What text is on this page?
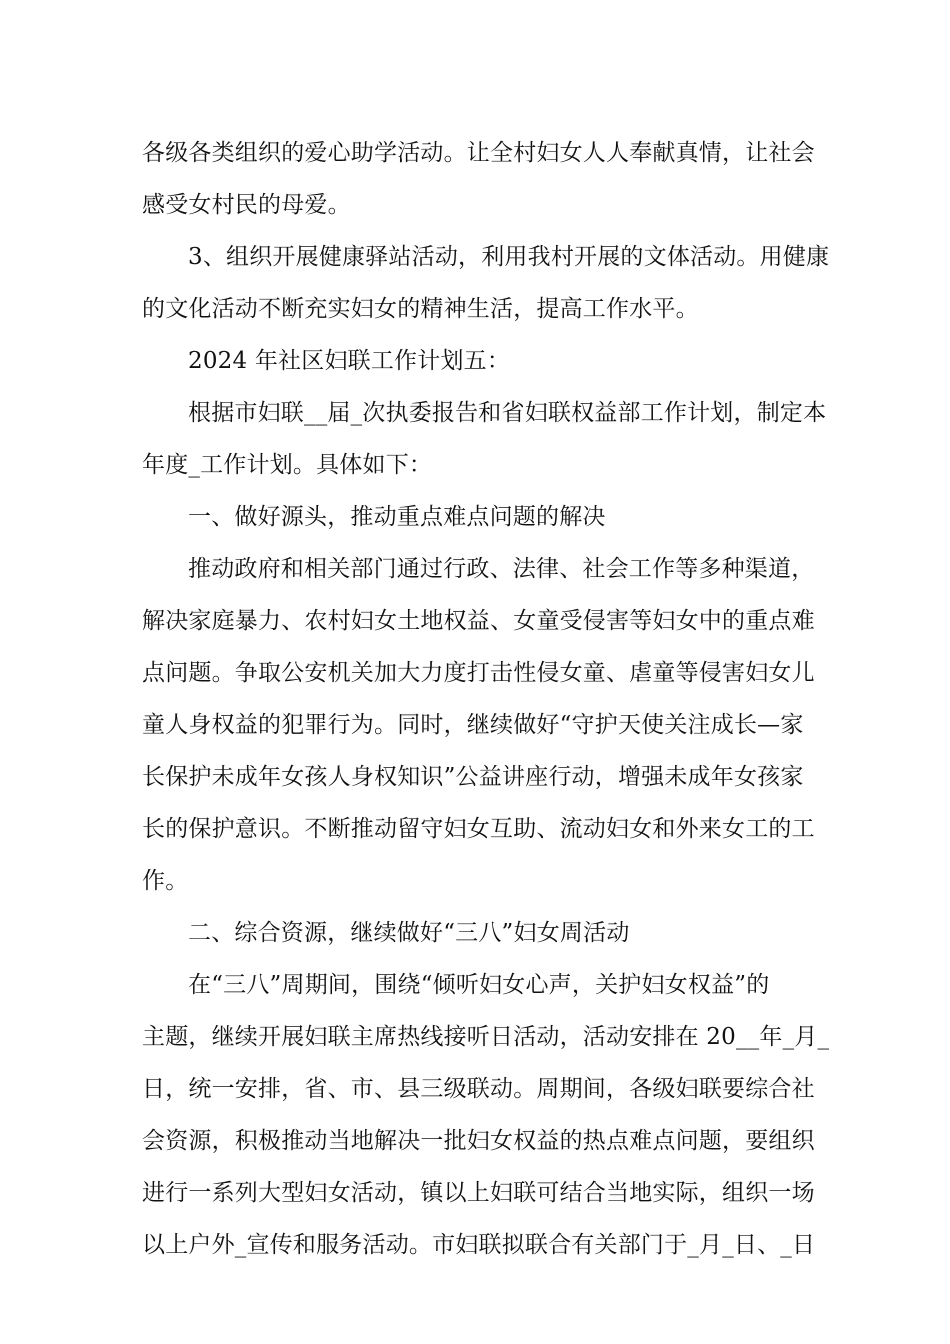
各级各类组织的爱心助学活动。让全村妇女人人奉献真情，让社会
感受女村民的母爱。
3、组织开展健康驿站活动，利用我村开展的文体活动。用健康
的文化活动不断充实妇女的精神生活，提高工作水平。
2024 年社区妇联工作计划五：
根据市妇联__届_次执委报告和省妇联权益部工作计划，制定本
年度_工作计划。具体如下：
一、做好源头，推动重点难点问题的解决
推动政府和相关部门通过行政、法律、社会工作等多种渠道，
解决家庭暴力、农村妇女土地权益、女童受侵害等妇女中的重点难
点问题。争取公安机关加大力度打击性侵女童、虐童等侵害妇女儿
童人身权益的犯罪行为。同时，继续做好“守护天使关注成长—家
长保护未成年女孩人身权知识”公益讲座行动，增强未成年女孩家
长的保护意识。不断推动留守妇女互助、流动妇女和外来女工的工
作。
二、综合资源，继续做好“三八”妇女周活动
在“三八”周期间，围绕“倾听妇女心声，关护妇女权益”的
主题，继续开展妇联主席热线接听日活动，活动安排在 20__年_月_
日，统一安排，省、市、县三级联动。周期间，各级妇联要综合社
会资源，积极推动当地解决一批妇女权益的热点难点问题，要组织
进行一系列大型妇女活动，镇以上妇联可结合当地实际，组织一场
以上户外_宣传和服务活动。市妇联拟联合有关部门于_月_日、_日
